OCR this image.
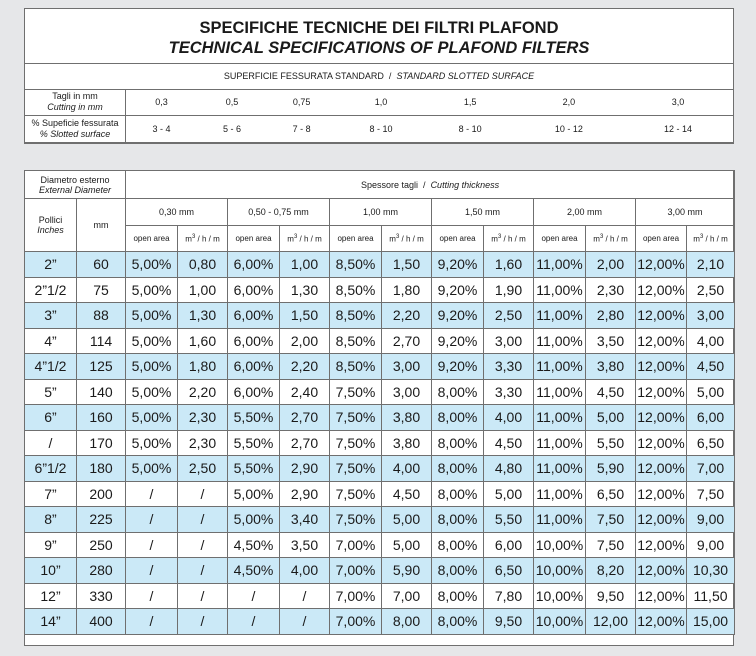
SPECIFICHE TECNICHE DEI FILTRI PLAFOND
TECHNICAL SPECIFICATIONS OF PLAFOND FILTERS
SUPERFICIE FESSURATA STANDARD / STANDARD SLOTTED SURFACE
Tagli in mm
Cutting in mm	0,3	0,5	0,75	1,0	1,5	2,0	3,0

% Supeficie fessurata
% Slotted surface	3 - 4	5 - 6	7 - 8	8 - 10	8 - 10	10 - 12	12 - 14
Diametro esterno
External Diameter		Spessore tagli / Cutting thickness											

Pollici
Inches	mm	0,30 mm		0,50 - 0,75 mm		1,00 mm		1,50 mm		2,00 mm		3,00 mm	
		open area	$m^3$ / h / m	open area	$m^3$ / h / m	open area	$m^3$ / h / m	open area	$m^3$ / h / m	open area	$m^3$ / h / m	open area	$m^3$ / h / m
2”	60	5,00%	0,80	6,00%	1,00	8,50%	1,50	9,20%	1,60	11,00%	2,00	12,00%	2,10
2”1/2	75	5,00%	1,00	6,00%	1,30	8,50%	1,80	9,20%	1,90	11,00%	2,30	12,00%	2,50
3”	88	5,00%	1,30	6,00%	1,50	8,50%	2,20	9,20%	2,50	11,00%	2,80	12,00%	3,00
4”	114	5,00%	1,60	6,00%	2,00	8,50%	2,70	9,20%	3,00	11,00%	3,50	12,00%	4,00
4”1/2	125	5,00%	1,80	6,00%	2,20	8,50%	3,00	9,20%	3,30	11,00%	3,80	12,00%	4,50
5”	140	5,00%	2,20	6,00%	2,40	7,50%	3,00	8,00%	3,30	11,00%	4,50	12,00%	5,00
6”	160	5,00%	2,30	5,50%	2,70	7,50%	3,80	8,00%	4,00	11,00%	5,00	12,00%	6,00
/	170	5,00%	2,30	5,50%	2,70	7,50%	3,80	8,00%	4,50	11,00%	5,50	12,00%	6,50
6”1/2	180	5,00%	2,50	5,50%	2,90	7,50%	4,00	8,00%	4,80	11,00%	5,90	12,00%	7,00
7”	200	/	/	5,00%	2,90	7,50%	4,50	8,00%	5,00	11,00%	6,50	12,00%	7,50
8”	225	/	/	5,00%	3,40	7,50%	5,00	8,00%	5,50	11,00%	7,50	12,00%	9,00
9”	250	/	/	4,50%	3,50	7,00%	5,00	8,00%	6,00	10,00%	7,50	12,00%	9,00
10”	280	/	/	4,50%	4,00	7,00%	5,90	8,00%	6,50	10,00%	8,20	12,00%	10,30
12”	330	/	/	/	/	7,00%	7,00	8,00%	7,80	10,00%	9,50	12,00%	11,50
14”	400	/	/	/	/	7,00%	8,00	8,00%	9,50	10,00%	12,00	12,00%	15,00
